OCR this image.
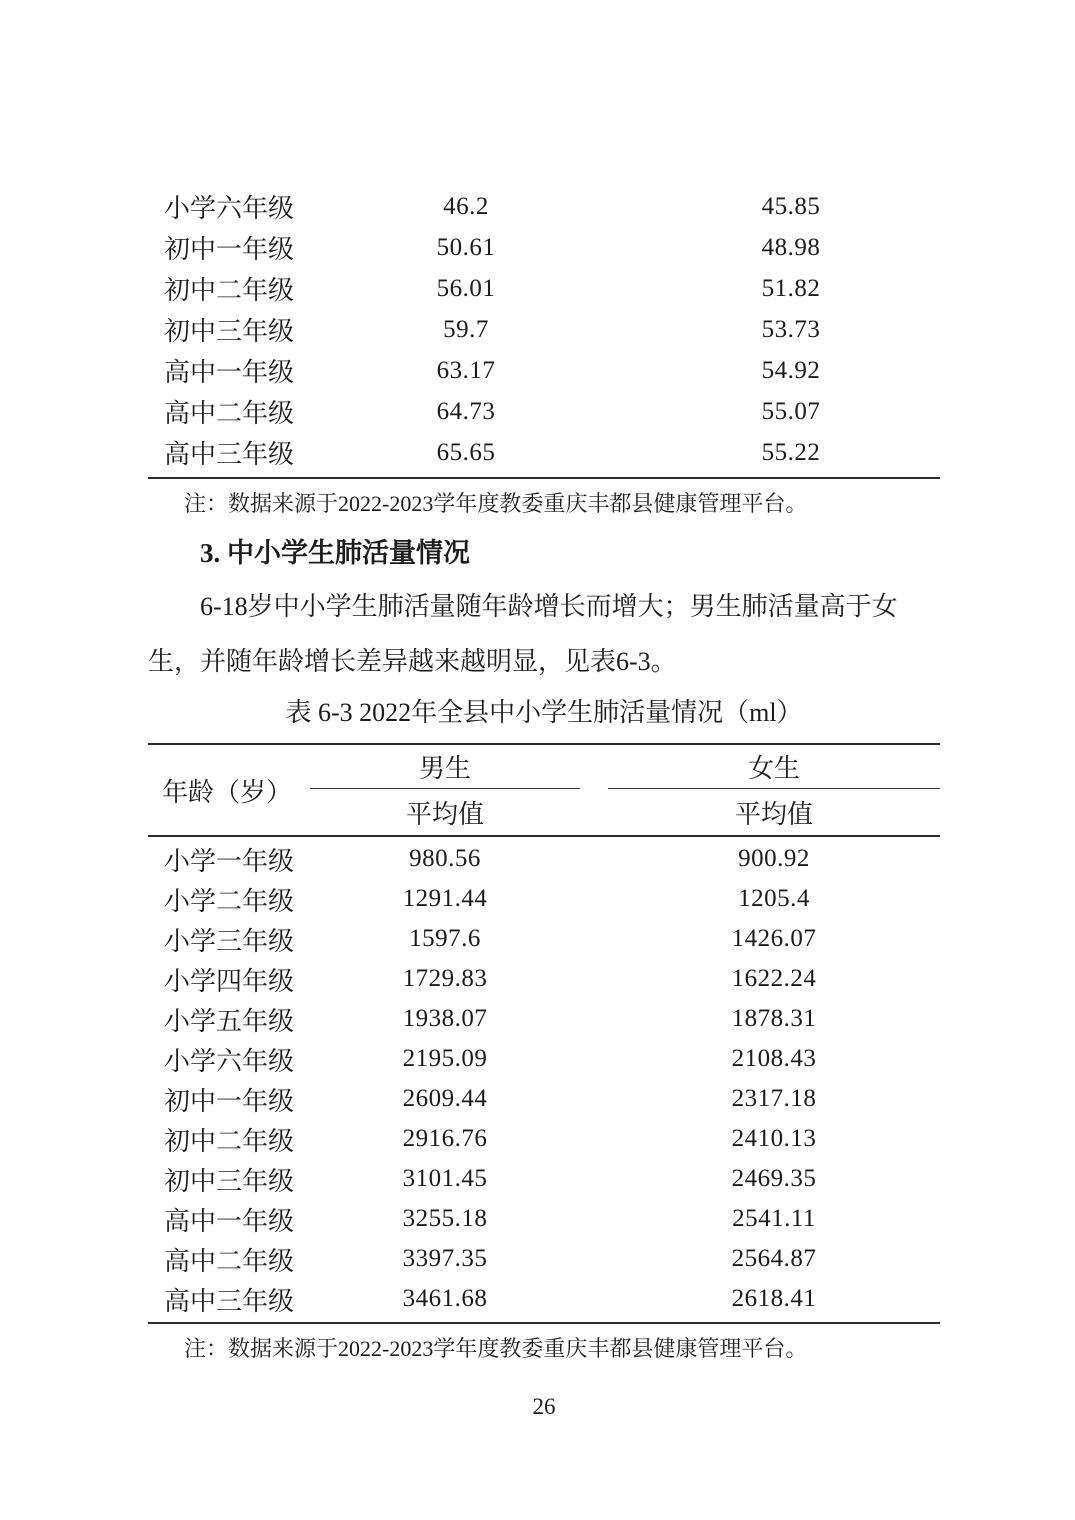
小学六年级	46.2	45.85
初中一年级	50.61	48.98
初中二年级	56.01	51.82
初中三年级	59.7	53.73
高中一年级	63.17	54.92
高中二年级	64.73	55.07
高中三年级	65.65	55.22
注：数据来源于2022-2023学年度教委重庆丰都县健康管理平台。
3. 中小学生肺活量情况
6-18岁中小学生肺活量随年龄增长而增大；男生肺活量高于女
生，并随年龄增长差异越来越明显，见表6-3。
表 6-3 2022年全县中小学生肺活量情况（ml）
年龄（岁）
男生	女生
平均值	平均值
小学一年级	980.56	900.92
小学二年级	1291.44	1205.4
小学三年级	1597.6	1426.07
小学四年级	1729.83	1622.24
小学五年级	1938.07	1878.31
小学六年级	2195.09	2108.43
初中一年级	2609.44	2317.18
初中二年级	2916.76	2410.13
初中三年级	3101.45	2469.35
高中一年级	3255.18	2541.11
高中二年级	3397.35	2564.87
高中三年级	3461.68	2618.41
注：数据来源于2022-2023学年度教委重庆丰都县健康管理平台。
26
